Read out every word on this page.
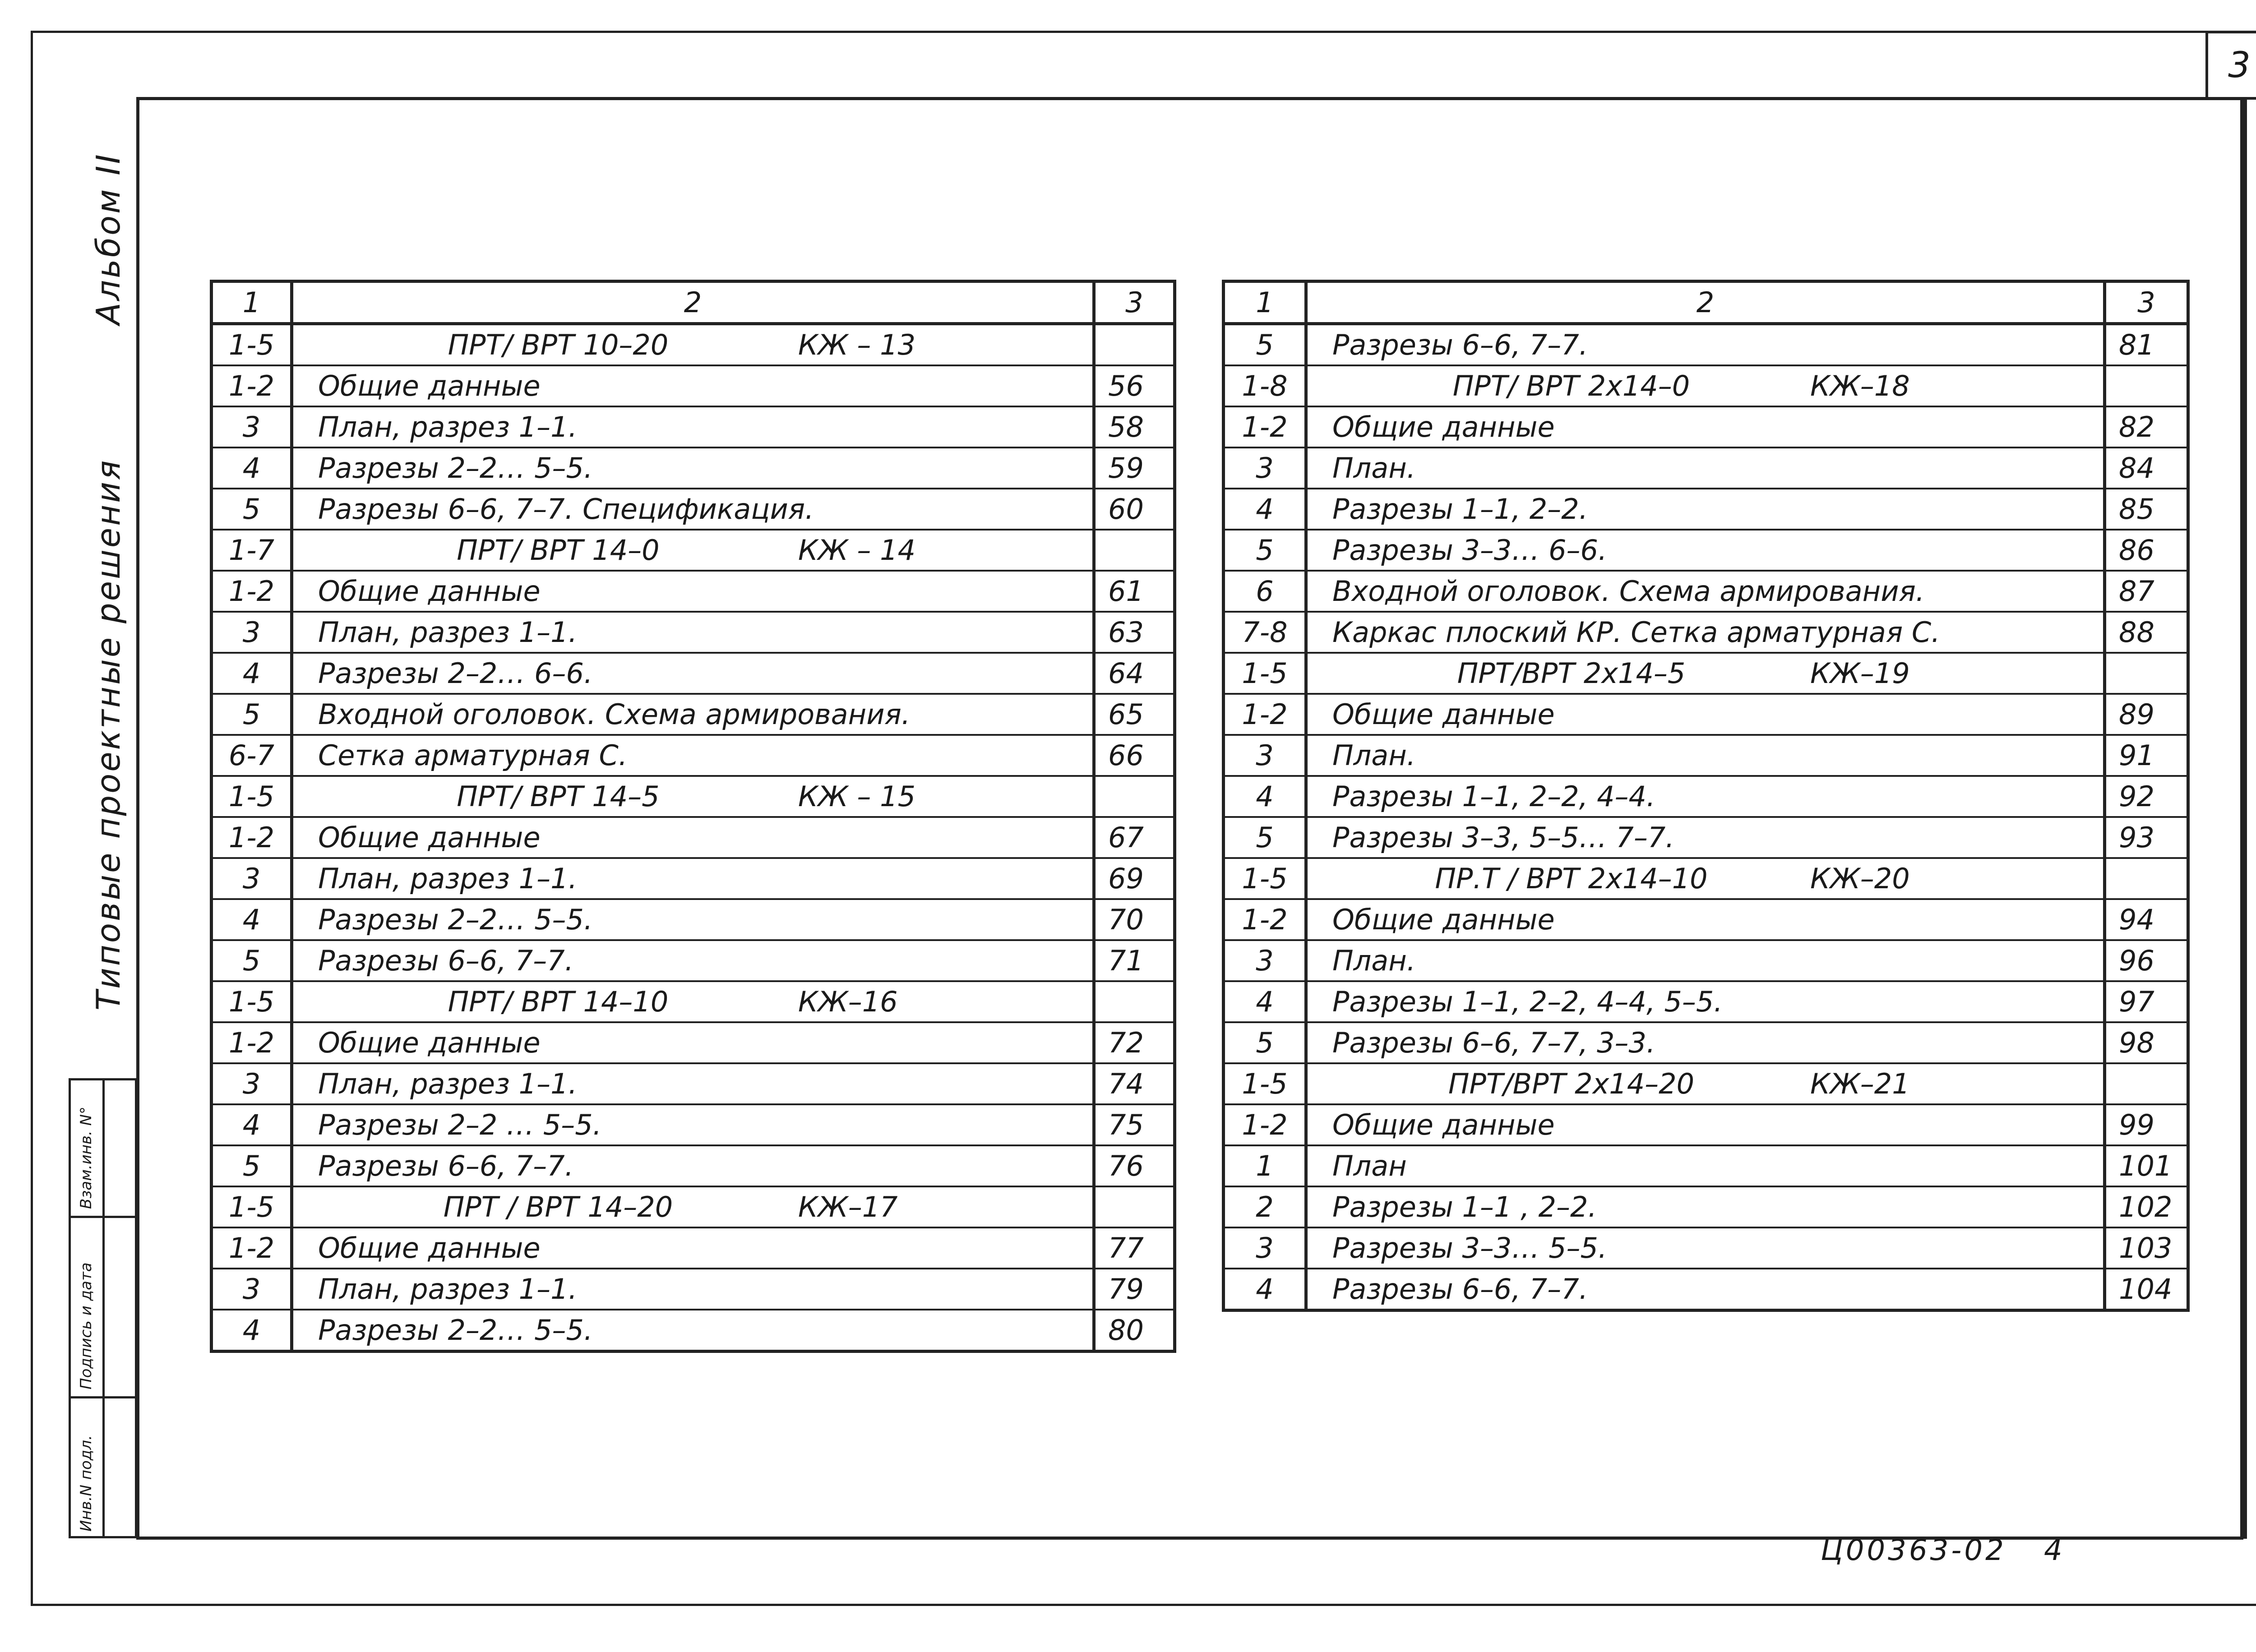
3
Альбом II
Типовые проектные решения
Взам.инв. N°
Подпись и дата
Инв.N подл.
1	2	3
1-5	ПРТ/ ВРТ 10–20 КЖ – 13	
1-2	Общие данные	56
3	План, разрез 1–1.	58
4	Разрезы 2–2… 5–5.	59
5	Разрезы 6–6, 7–7. Спецификация.	60
1-7	ПРТ/ ВРТ 14–0 КЖ – 14	
1-2	Общие данные	61
3	План, разрез 1–1.	63
4	Разрезы 2–2… 6–6.	64
5	Входной оголовок. Схема армирования.	65
6-7	Сетка арматурная С.	66
1-5	ПРТ/ ВРТ 14–5 КЖ – 15	
1-2	Общие данные	67
3	План, разрез 1–1.	69
4	Разрезы 2–2… 5–5.	70
5	Разрезы 6–6, 7–7.	71
1-5	ПРТ/ ВРТ 14–10 КЖ–16	
1-2	Общие данные	72
3	План, разрез 1–1.	74
4	Разрезы 2–2 … 5–5.	75
5	Разрезы 6–6, 7–7.	76
1-5	ПРТ / ВРТ 14–20 КЖ–17	
1-2	Общие данные	77
3	План, разрез 1–1.	79
4	Разрезы 2–2… 5–5.	80
1	2	3
5	Разрезы 6–6, 7–7.	81
1-8	ПРТ/ ВРТ 2х14–0 КЖ–18	
1-2	Общие данные	82
3	План.	84
4	Разрезы 1–1, 2–2.	85
5	Разрезы 3–3… 6–6.	86
6	Входной оголовок. Схема армирования.	87
7-8	Каркас плоский КР. Сетка арматурная С.	88
1-5	ПРТ/ВРТ 2х14–5 КЖ–19	
1-2	Общие данные	89
3	План.	91
4	Разрезы 1–1, 2–2, 4–4.	92
5	Разрезы 3–3, 5–5… 7–7.	93
1-5	ПР.Т / ВРТ 2х14–10 КЖ–20	
1-2	Общие данные	94
3	План.	96
4	Разрезы 1–1, 2–2, 4–4, 5–5.	97
5	Разрезы 6–6, 7–7, 3–3.	98
1-5	ПРТ/ВРТ 2х14–20 КЖ–21	
1-2	Общие данные	99
1	План	101
2	Разрезы 1–1 , 2–2.	102
3	Разрезы 3–3… 5–5.	103
4	Разрезы 6–6, 7–7.	104
Ц00363-02 4
